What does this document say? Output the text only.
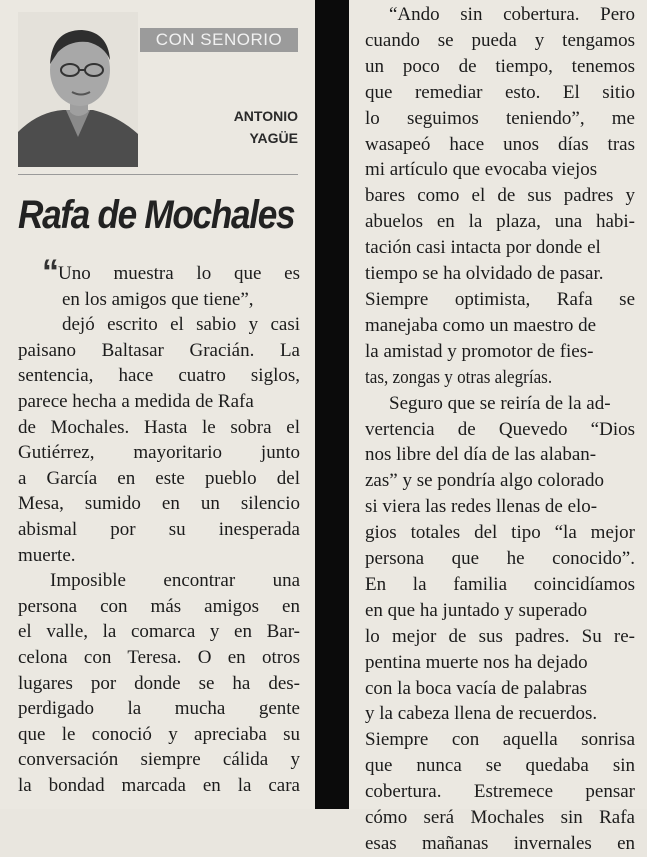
CON SENORIO
ANTONIO
YAGÜE
Rafa de Mochales
“ Uno muestra lo que es
en los amigos que tiene”,
dejó escrito el sabio y casi
paisano Baltasar Gracián. La
sentencia, hace cuatro siglos,
parece hecha a medida de Rafa
de Mochales. Hasta le sobra el
Gutiérrez, mayoritario junto
a García en este pueblo del
Mesa, sumido en un silencio
abismal por su inesperada
muerte.
Imposible encontrar una
persona con más amigos en
el valle, la comarca y en Bar-
celona con Teresa. O en otros
lugares por donde se ha des-
perdigado la mucha gente
que le conoció y apreciaba su
conversación siempre cálida y
la bondad marcada en la cara
“Ando sin cobertura. Pero
cuando se pueda y tengamos
un poco de tiempo, tenemos
que remediar esto. El sitio
lo seguimos teniendo”, me
wasapeó hace unos días tras
mi artículo que evocaba viejos
bares como el de sus padres y
abuelos en la plaza, una habi-
tación casi intacta por donde el
tiempo se ha olvidado de pasar.
Siempre optimista, Rafa se
manejaba como un maestro de
la amistad y promotor de fies-
tas, zongas y otras alegrías.
Seguro que se reiría de la ad-
vertencia de Quevedo “Dios
nos libre del día de las alaban-
zas” y se pondría algo colorado
si viera las redes llenas de elo-
gios totales del tipo “la mejor
persona que he conocido”.
En la familia coincidíamos
en que ha juntado y superado
lo mejor de sus padres. Su re-
pentina muerte nos ha dejado
con la boca vacía de palabras
y la cabeza llena de recuerdos.
Siempre con aquella sonrisa
que nunca se quedaba sin
cobertura. Estremece pensar
cómo será Mochales sin Rafa
esas mañanas invernales en
